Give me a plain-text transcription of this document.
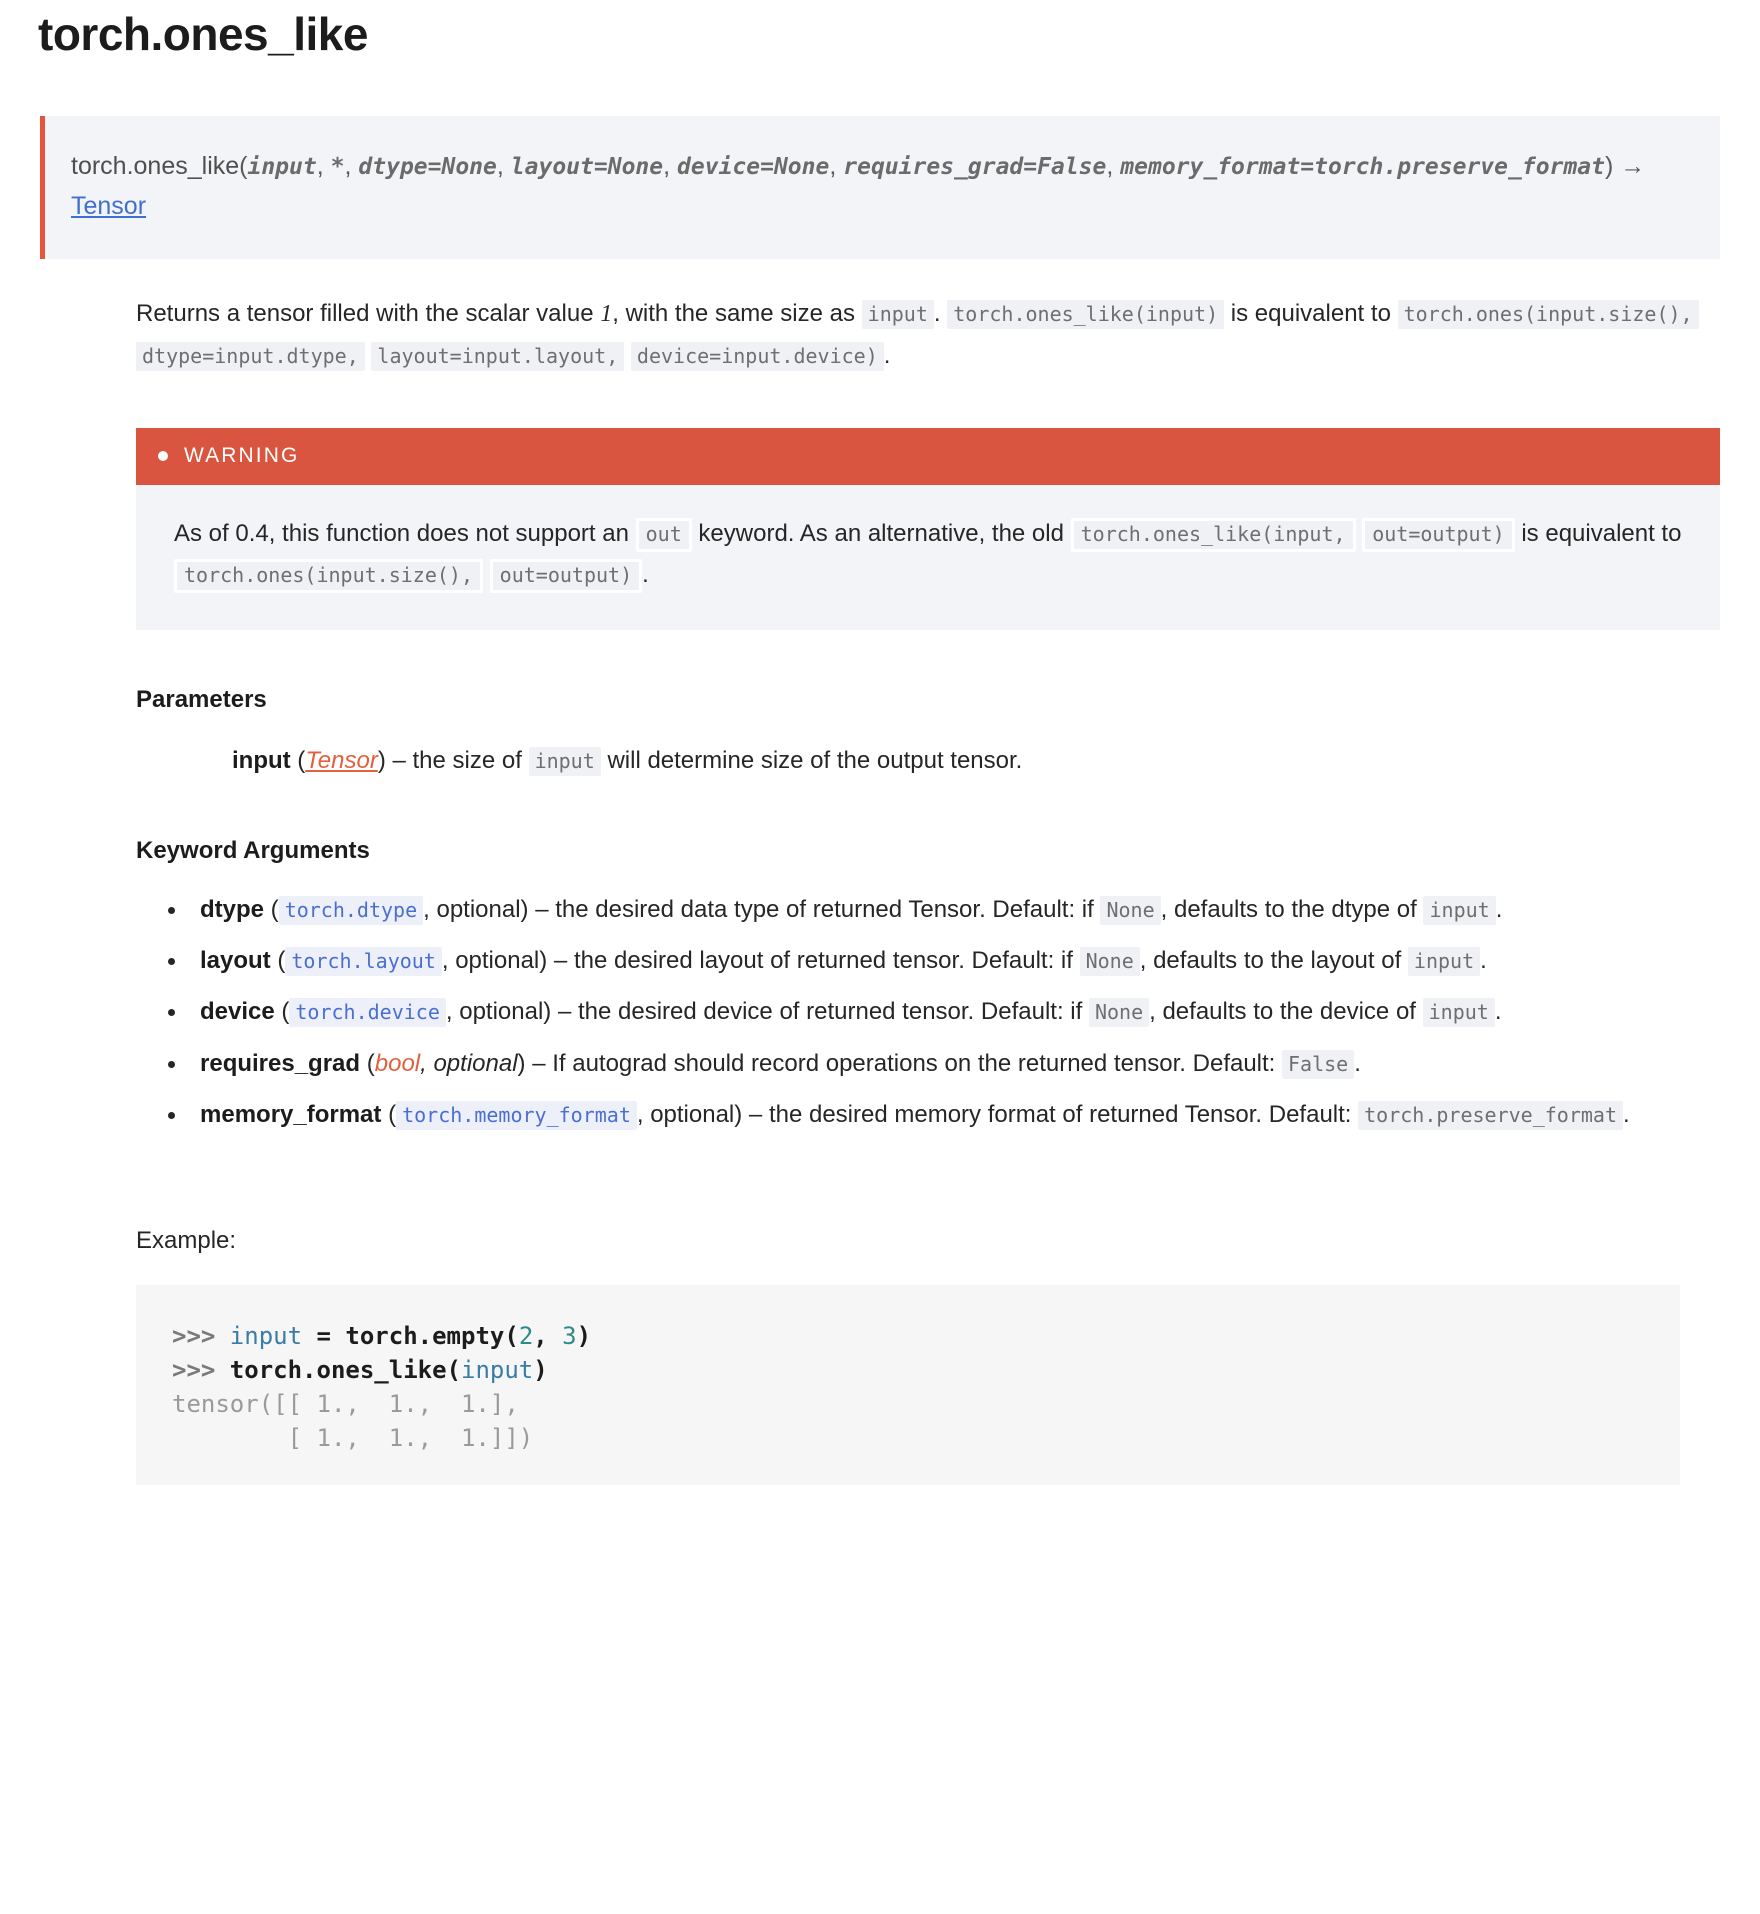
torch.ones_like
torch.ones_like(input, *, dtype=None, layout=None, device=None, requires_grad=False, memory_format=torch.preserve_format) → Tensor

Returns a tensor filled with the scalar value 1, with the same size as input . torch.ones_like(input) is equivalent to torch.ones(input.size(), dtype=input.dtype, layout=input.layout, device=input.device) .

WARNING
As of 0.4, this function does not support an out keyword. As an alternative, the old torch.ones_like(input, out=output) is equivalent to torch.ones(input.size(), out=output) .
Parameters
input (Tensor) – the size of input will determine size of the output tensor.
Keyword Arguments
• dtype ( torch.dtype , optional) – the desired data type of returned Tensor. Default: if None , defaults to the dtype of input .
• layout ( torch.layout , optional) – the desired layout of returned tensor. Default: if None , defaults to the layout of input .
• device ( torch.device , optional) – the desired device of returned tensor. Default: if None , defaults to the device of input .
• requires_grad (bool, optional) – If autograd should record operations on the returned tensor. Default: False .
• memory_format ( torch.memory_format , optional) – the desired memory format of returned Tensor. Default: torch.preserve_format .
Example:
>>> input = torch.empty(2, 3)
>>> torch.ones_like(input)
tensor([[ 1.,  1.,  1.],
[ 1.,  1.,  1.]])
